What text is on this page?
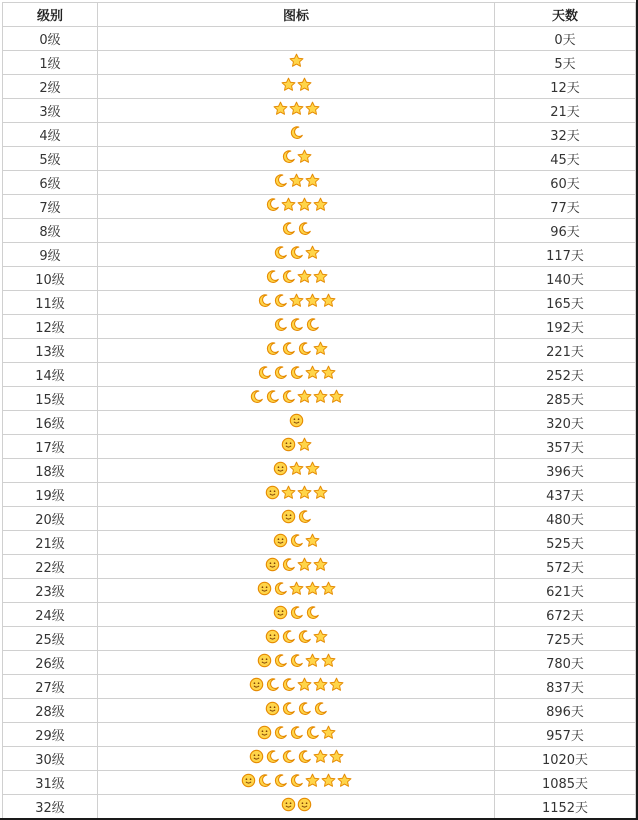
级别	图标	天数
0级		0天
1级		5天
2级		12天
3级		21天
4级		32天
5级		45天
6级		60天
7级		77天
8级		96天
9级		117天
10级		140天
11级		165天
12级		192天
13级		221天
14级		252天
15级		285天
16级		320天
17级		357天
18级		396天
19级		437天
20级		480天
21级		525天
22级		572天
23级		621天
24级		672天
25级		725天
26级		780天
27级		837天
28级		896天
29级		957天
30级		1020天
31级		1085天
32级		1152天
